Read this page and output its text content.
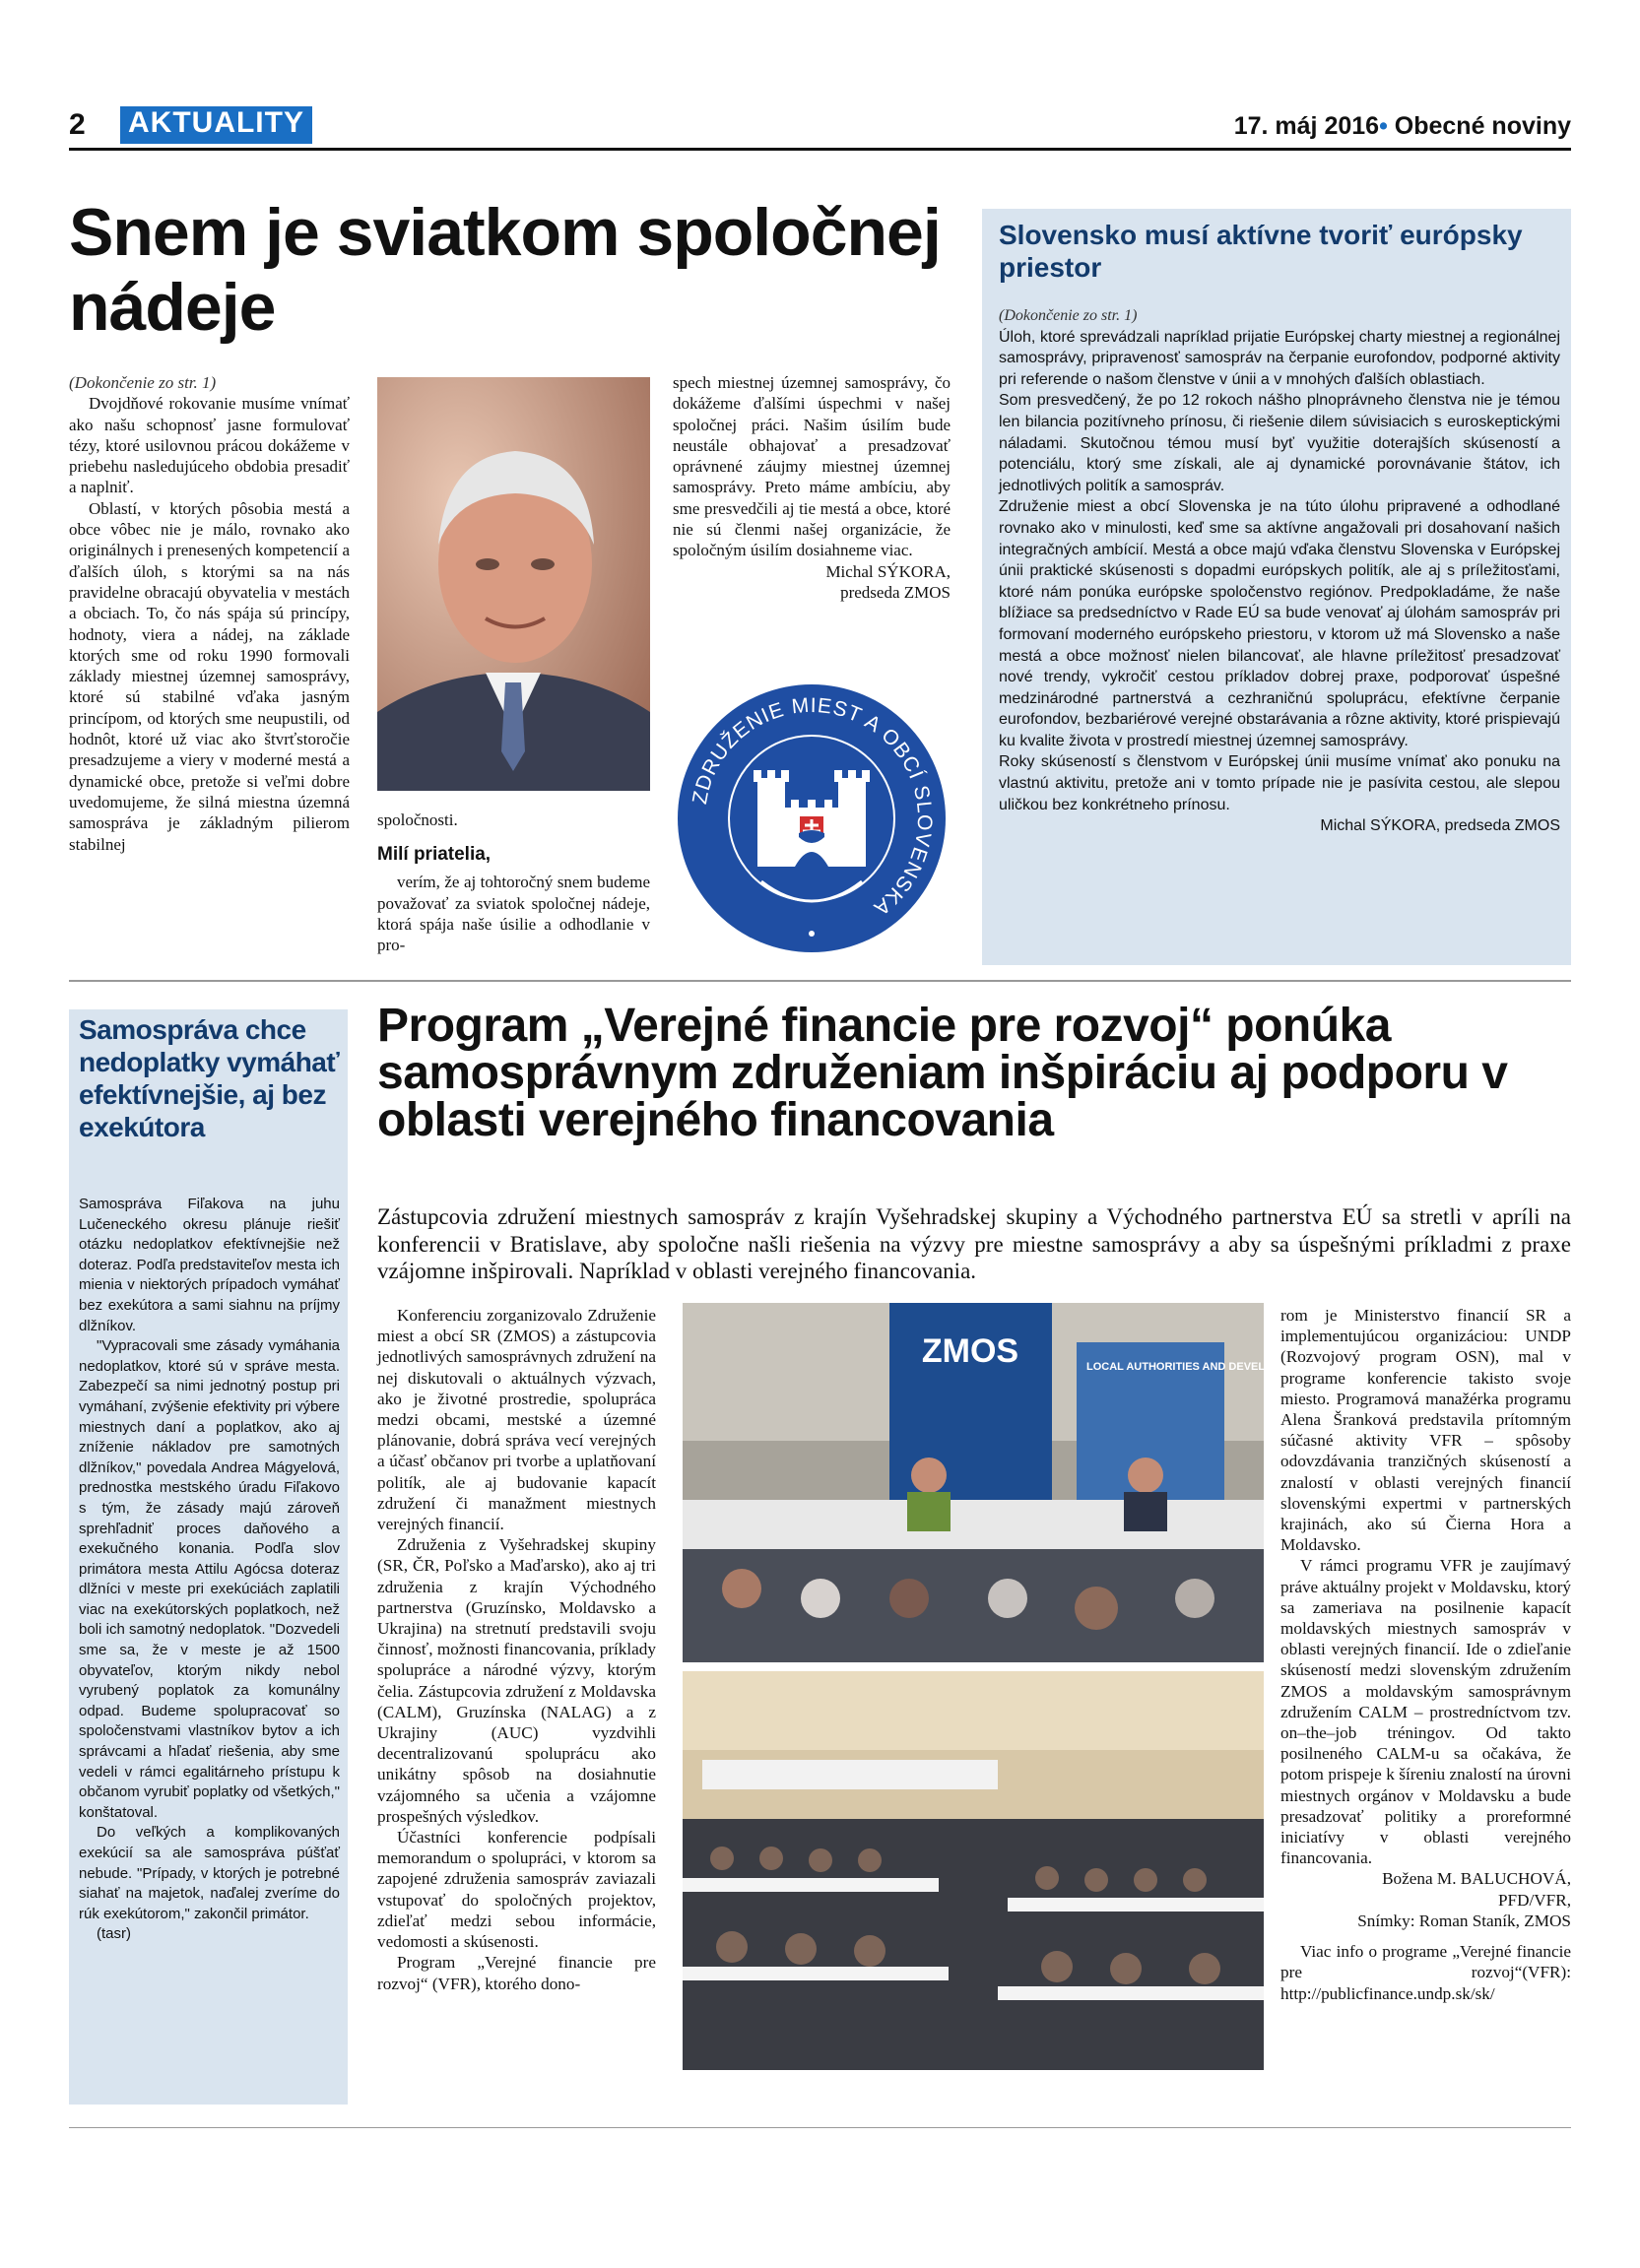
2 AKTUALITY	17. máj 2016• Obecné noviny
Snem je sviatkom spoločnej nádeje

(Dokončenie zo str. 1)

Dvojdňové rokovanie musíme vnímať ako našu schopnosť jasne formulovať tézy, ktoré usilovnou prácou dokážeme v priebehu nasledujúceho obdobia presadiť a naplniť.

Oblastí, v ktorých pôsobia mestá a obce vôbec nie je málo, rovnako ako originálnych i prenesených kompetencií a ďalších úloh, s ktorými sa na nás pravidelne obracajú obyvatelia v mestách a obciach. To, čo nás spája sú princípy, hodnoty, viera a nádej, na základe ktorých sme od roku 1990 formovali základy miestnej územnej samosprávy, ktoré sú stabilné vďaka jasným princípom, od ktorých sme neupustili, od hodnôt, ktoré už viac ako štvrťstoročie presadzujeme a viery v moderné mestá a dynamické obce, pretože si veľmi dobre uvedomujeme, že silná miestna územná samospráva je základným pilierom stabilnej

spoločnosti.

Milí priatelia,

verím, že aj tohtoročný snem budeme považovať za sviatok spoločnej nádeje, ktorá spája naše úsilie a odhodlanie v pro-

spech miestnej územnej samosprávy, čo dokážeme ďalšími úspechmi v našej spoločnej práci. Našim úsilím bude neustále obhajovať a presadzovať oprávnené záujmy miestnej územnej samosprávy. Preto máme ambíciu, aby sme presvedčili aj tie mestá a obce, ktoré nie sú členmi našej organizácie, že spoločným úsilím dosiahneme viac.

Michal SÝKORA,

predseda ZMOS

ZDRUŽENIE MIEST A OBCÍ SLOVENSKA
Slovensko musí aktívne tvoriť európsky priestor

(Dokončenie zo str. 1)

Úloh, ktoré sprevádzali napríklad prijatie Európskej charty miestnej a regionálnej samosprávy, pripravenosť samospráv na čerpanie eurofondov, podporné aktivity pri referende o našom členstve v únii a v mnohých ďalších oblastiach.

Som presvedčený, že po 12 rokoch nášho plnoprávneho členstva nie je témou len bilancia pozitívneho prínosu, či riešenie dilem súvisiacich s euroskeptickými náladami. Skutočnou témou musí byť využitie doterajších skúseností a potenciálu, ktorý sme získali, ale aj dynamické porovnávanie štátov, ich jednotlivých politík a samospráv.

Združenie miest a obcí Slovenska je na túto úlohu pripravené a odhodlané rovnako ako v minulosti, keď sme sa aktívne angažovali pri dosahovaní našich integračných ambícií. Mestá a obce majú vďaka členstvu Slovenska v Európskej únii praktické skúsenosti s dopadmi európskych politík, ale aj s príležitosťami, ktoré nám ponúka európske spoločenstvo regiónov. Predpokladáme, že naše blížiace sa predsedníctvo v Rade EÚ sa bude venovať aj úlohám samospráv pri formovaní moderného európskeho priestoru, v ktorom už má Slovensko a naše mestá a obce možnosť nielen bilancovať, ale hlavne príležitosť presadzovať nové trendy, vykročiť cestou príkladov dobrej praxe, podporovať úspešné medzinárodné partnerstvá a cezhraničnú spoluprácu, efektívne čerpanie eurofondov, bezbariérové verejné obstarávania a rôzne aktivity, ktoré prispievajú ku kvalite života v prostredí miestnej územnej samosprávy.

Roky skúseností s členstvom v Európskej únii musíme vnímať ako ponuku na vlastnú aktivitu, pretože ani v tomto prípade nie je pasívita cestou, ale slepou uličkou bez konkrétneho prínosu.

Michal SÝKORA, predseda ZMOS

Samospráva chce nedoplatky vymáhať efektívnejšie, aj bez exekútora

Samospráva Fiľakova na juhu Lučeneckého okresu plánuje riešiť otázku nedoplatkov efektívnejšie než doteraz. Podľa predstaviteľov mesta ich mienia v niektorých prípadoch vymáhať bez exekútora a sami siahnu na príjmy dlžníkov.

"Vypracovali sme zásady vymáhania nedoplatkov, ktoré sú v správe mesta. Zabezpečí sa nimi jednotný postup pri vymáhaní, zvýšenie efektivity pri výbere miestnych daní a poplatkov, ako aj zníženie nákladov pre samotných dlžníkov," povedala Andrea Mágyelová, prednostka mestského úradu Fiľakovo s tým, že zásady majú zároveň sprehľadniť proces daňového a exekučného konania. Podľa slov primátora mesta Attilu Agócsa doteraz dlžníci v meste pri exekúciách zaplatili viac na exekútorských poplatkoch, než boli ich samotný nedoplatok. "Dozvedeli sme sa, že v meste je až 1500 obyvateľov, ktorým nikdy nebol vyrubený poplatok za komunálny odpad. Budeme spolupracovať so spoločenstvami vlastníkov bytov a ich správcami a hľadať riešenia, aby sme vedeli v rámci egalitárneho prístupu k občanom vyrubiť poplatky od všetkých," konštatoval.

Do veľkých a komplikovaných exekúcií sa ale samospráva púšťať nebude. "Prípady, v ktorých je potrebné siahať na majetok, naďalej zveríme do rúk exekútorom," zakončil primátor.

(tasr)

Program „Verejné financie pre rozvoj“ ponúka samosprávnym združeniam inšpiráciu aj podporu v oblasti verejného financovania
Zástupcovia združení miestnych samospráv z krajín Vyšehradskej skupiny a Východného partnerstva EÚ sa stretli v apríli na konferencii v Bratislave, aby spoločne našli riešenia na výzvy pre miestne samosprávy a aby sa úspešnými príkladmi z praxe vzájomne inšpirovali. Napríklad v oblasti verejného financovania.

Konferenciu zorganizovalo Združenie miest a obcí SR (ZMOS) a zástupcovia jednotlivých samosprávnych združení na nej diskutovali o aktuálnych výzvach, ako je životné prostredie, spolupráca medzi obcami, mestské a územné plánovanie, dobrá správa vecí verejných a účasť občanov pri tvorbe a uplatňovaní politík, ale aj budovanie kapacít združení či manažment miestnych verejných financií.

Združenia z Vyšehradskej skupiny (SR, ČR, Poľsko a Maďarsko), ako aj tri združenia z krajín Východného partnerstva (Gruzínsko, Moldavsko a Ukrajina) na stretnutí predstavili svoju činnosť, možnosti financovania, príklady spolupráce a národné výzvy, ktorým čelia. Zástupcovia združení z Moldavska (CALM), Gruzínska (NALAG) a z Ukrajiny (AUC) vyzdvihli decentralizovanú spoluprácu ako unikátny spôsob na dosiahnutie vzájomného sa učenia a vzájomne prospešných výsledkov.

Účastníci konferencie podpísali memorandum o spolupráci, v ktorom sa zapojené združenia samospráv zaviazali vstupovať do spoločných projektov, zdieľať medzi sebou informácie, vedomosti a skúsenosti.

Program „Verejné financie pre rozvoj“ (VFR), ktorého dono-

ZMOS	LOCAL AUTHORITIES AND DEVELOPMENT COOPERATION

rom je Ministerstvo financií SR a implementujúcou organizáciou: UNDP (Rozvojový program OSN), mal v programe konferencie takisto svoje miesto. Programová manažérka programu Alena Šranková predstavila prítomným súčasné aktivity VFR – spôsoby odovzdávania tranzičných skúseností a znalostí v oblasti verejných financií slovenskými expertmi v partnerských krajinách, ako sú Čierna Hora a Moldavsko.

V rámci programu VFR je zaujímavý práve aktuálny projekt v Moldavsku, ktorý sa zameriava na posilnenie kapacít moldavských miestnych samospráv v oblasti verejných financií. Ide o zdieľanie skúseností medzi slovenským združením ZMOS a moldavským samosprávnym združením CALM – prostredníctvom tzv. on–the–job tréningov. Od takto posilneného CALM-u sa očakáva, že potom prispeje k šíreniu znalostí na úrovni miestnych orgánov v Moldavsku a bude presadzovať politiky a proreformné iniciatívy v oblasti verejného financovania.

Božena M. BALUCHOVÁ,

PFD/VFR,

Snímky: Roman Staník, ZMOS

Viac info o programe „Verejné financie pre rozvoj“(VFR): http://publicfinance.undp.sk/sk/
